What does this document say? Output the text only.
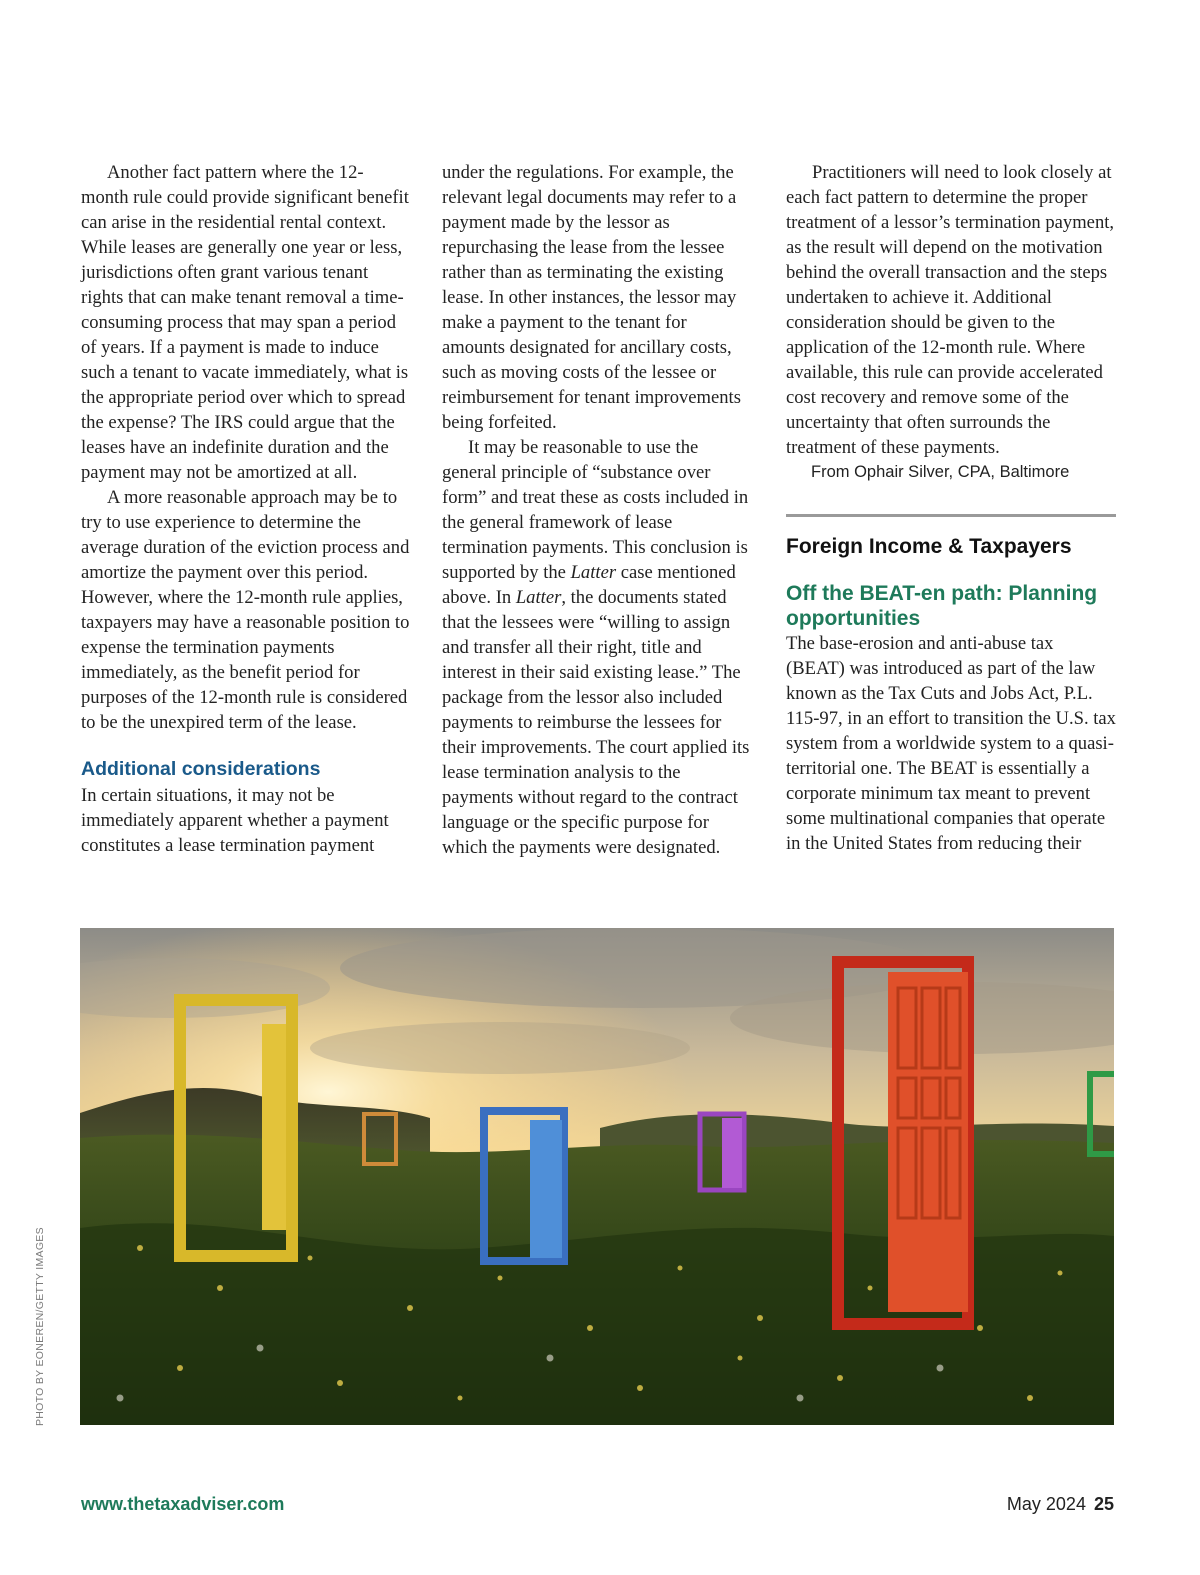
Another fact pattern where the 12-month rule could provide significant benefit can arise in the residential rental context. While leases are generally one year or less, jurisdictions often grant various tenant rights that can make tenant removal a time-consuming process that may span a period of years. If a payment is made to induce such a tenant to vacate immediately, what is the appropriate period over which to spread the expense? The IRS could argue that the leases have an indefinite duration and the payment may not be amortized at all.

A more reasonable approach may be to try to use experience to determine the average duration of the eviction process and amortize the payment over this period. However, where the 12-month rule applies, taxpayers may have a reasonable position to expense the termination payments immediately, as the benefit period for purposes of the 12-month rule is considered to be the unexpired term of the lease.

Additional considerations

In certain situations, it may not be immediately apparent whether a payment constitutes a lease termination payment

under the regulations. For example, the relevant legal documents may refer to a payment made by the lessor as repurchasing the lease from the lessee rather than as terminating the existing lease. In other instances, the lessor may make a payment to the tenant for amounts designated for ancillary costs, such as moving costs of the lessee or reimbursement for tenant improvements being forfeited.

It may be reasonable to use the general principle of “substance over form” and treat these as costs included in the general framework of lease termination payments. This conclusion is supported by the Latter case mentioned above. In Latter, the documents stated that the lessees were “willing to assign and transfer all their right, title and interest in their said existing lease.” The package from the lessor also included payments to reimburse the lessees for their improvements. The court applied its lease termination analysis to the payments without regard to the contract language or the specific purpose for which the payments were designated.

Practitioners will need to look closely at each fact pattern to determine the proper treatment of a lessor’s termination payment, as the result will depend on the motivation behind the overall transaction and the steps undertaken to achieve it. Additional consideration should be given to the application of the 12-month rule. Where available, this rule can provide accelerated cost recovery and remove some of the uncertainty that often surrounds the treatment of these payments.

From Ophair Silver, CPA, Baltimore
Foreign Income & Taxpayers
Off the BEAT-en path: Planning opportunities

The base-erosion and anti-abuse tax (BEAT) was introduced as part of the law known as the Tax Cuts and Jobs Act, P.L. 115-97, in an effort to transition the U.S. tax system from a worldwide system to a quasi-territorial one. The BEAT is essentially a corporate minimum tax meant to prevent some multinational companies that operate in the United States from reducing their

PHOTO BY EONEREN/GETTY IMAGES
www.thetaxadviser.com	May 2024 25
